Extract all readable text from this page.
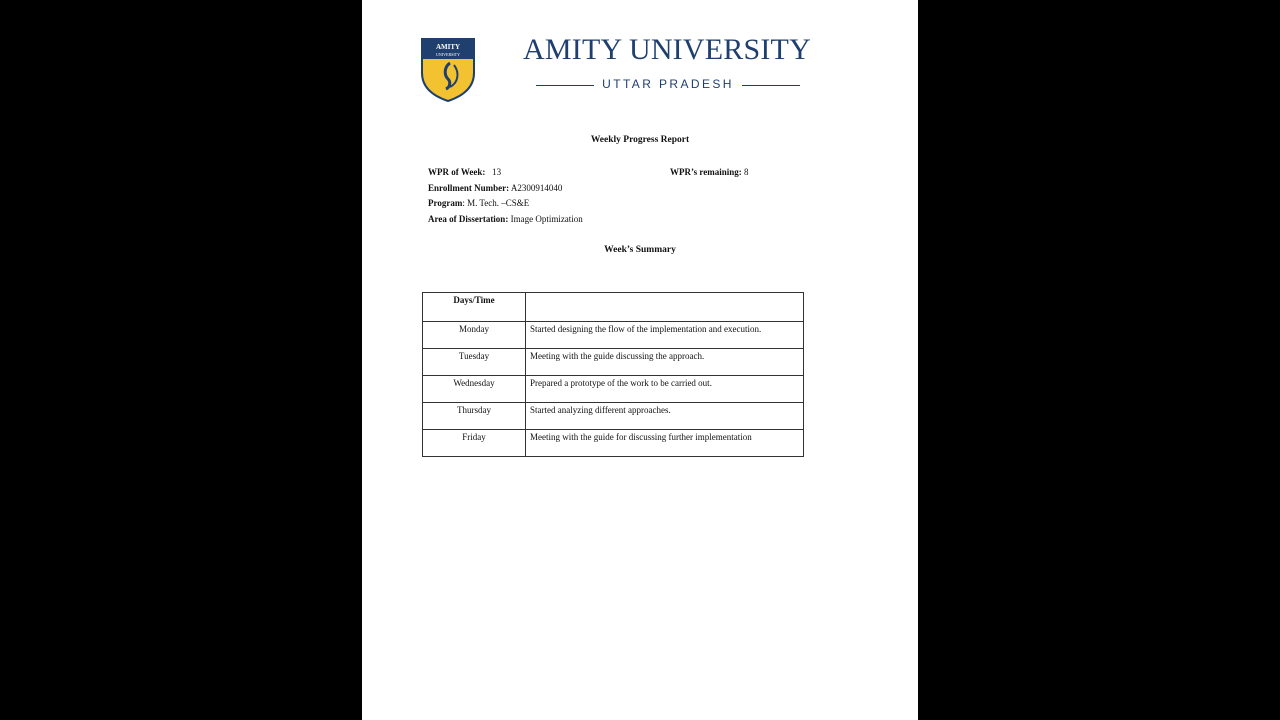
AMITY
UNIVERSITY AMITY UNIVERSITY
UTTAR PRADESH
Weekly Progress Report
WPR of Week: 13	WPR’s remaining: 8
Enrollment Number: A2300914040
Program: M. Tech. –CS&E
Area of Dissertation: Image Optimization
Week’s Summary
Days/Time	
Monday	Started designing the flow of the implementation and execution.
Tuesday	Meeting with the guide discussing the approach.
Wednesday	Prepared a prototype of the work to be carried out.
Thursday	Started analyzing different approaches.
Friday	Meeting with the guide for discussing further implementation
